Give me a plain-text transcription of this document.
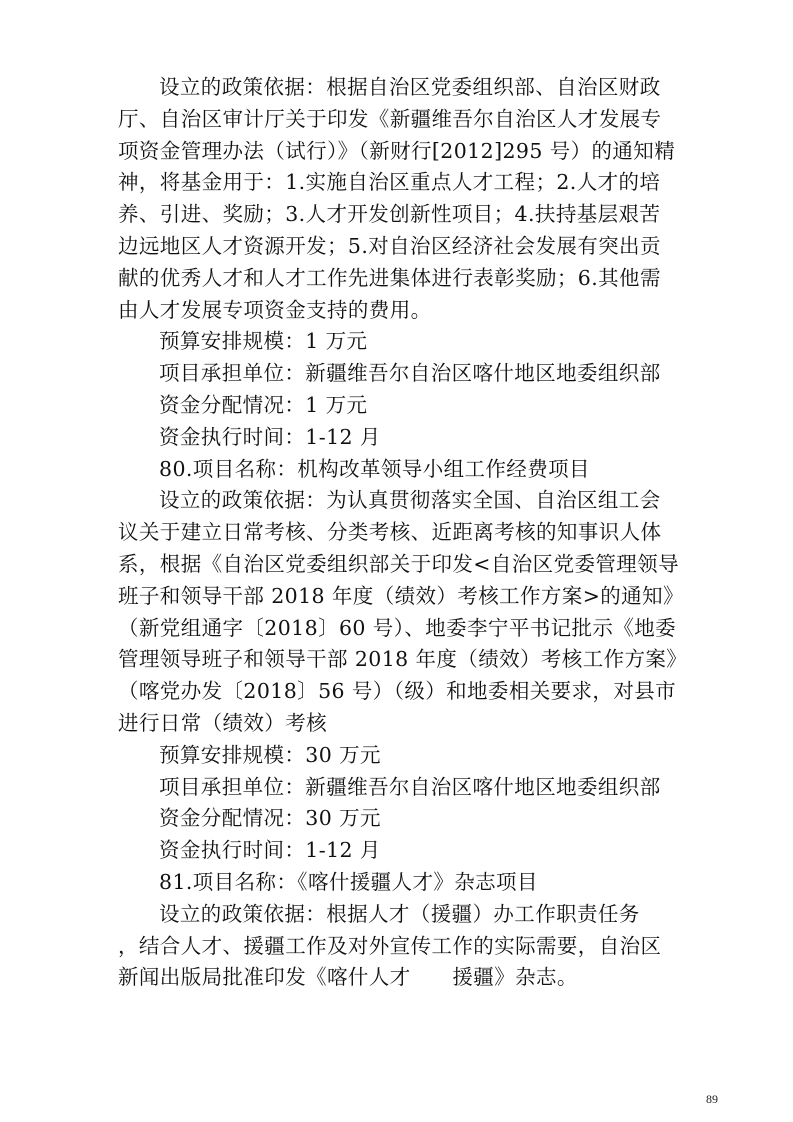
设立的政策依据：根据自治区党委组织部、自治区财政
厅、自治区审计厅关于印发《新疆维吾尔自治区人才发展专
项资金管理办法（试行）》（新财行[2012]295 号）的通知精
神，将基金用于：1.实施自治区重点人才工程；2.人才的培
养、引进、奖励；3.人才开发创新性项目；4.扶持基层艰苦
边远地区人才资源开发；5.对自治区经济社会发展有突出贡
献的优秀人才和人才工作先进集体进行表彰奖励；6.其他需
由人才发展专项资金支持的费用。
预算安排规模：1 万元
项目承担单位：新疆维吾尔自治区喀什地区地委组织部
资金分配情况：1 万元
资金执行时间：1-12 月
80.项目名称：机构改革领导小组工作经费项目
设立的政策依据：为认真贯彻落实全国、自治区组工会
议关于建立日常考核、分类考核、近距离考核的知事识人体
系，根据《自治区党委组织部关于印发<自治区党委管理领导
班子和领导干部 2018 年度（绩效）考核工作方案>的通知》
（新党组通字〔2018〕60 号）、地委李宁平书记批示《地委
管理领导班子和领导干部 2018 年度（绩效）考核工作方案》
（喀党办发〔2018〕56 号）（级）和地委相关要求，对县市
进行日常（绩效）考核
预算安排规模：30 万元
项目承担单位：新疆维吾尔自治区喀什地区地委组织部
资金分配情况：30 万元
资金执行时间：1-12 月
81.项目名称：《喀什援疆人才》杂志项目
设立的政策依据：根据人才（援疆）办工作职责任务
，结合人才、援疆工作及对外宣传工作的实际需要，自治区
新闻出版局批准印发《喀什人才　　援疆》杂志。
89
